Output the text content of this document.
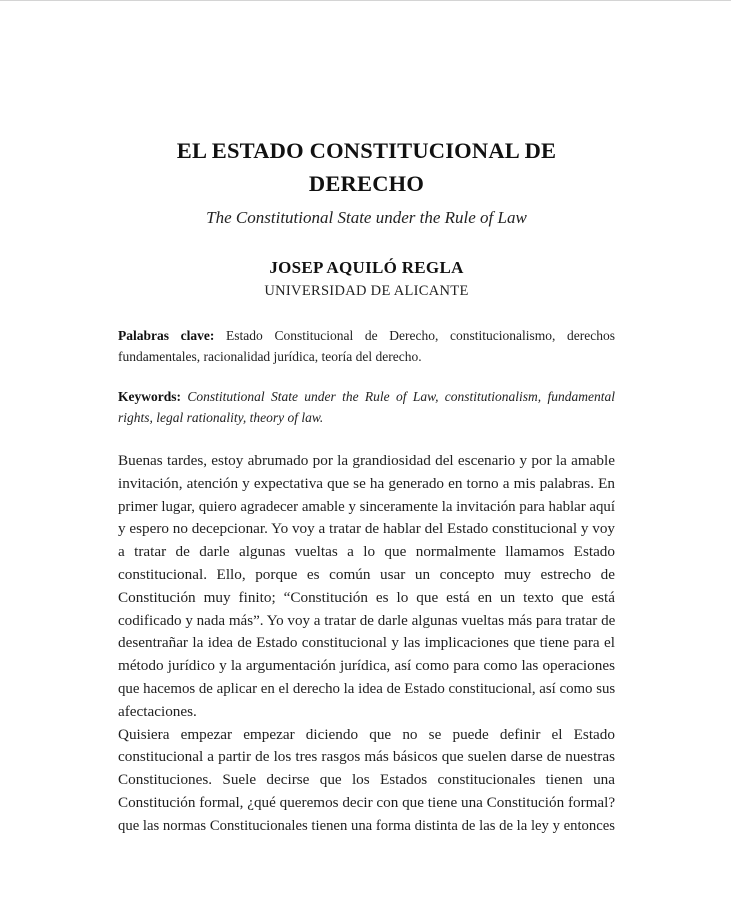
EL ESTADO CONSTITUCIONAL DE
DERECHO
The Constitutional State under the Rule of Law
JOSEP AQUILÓ REGLA
UNIVERSIDAD DE ALICANTE
Palabras clave: Estado Constitucional de Derecho, constitucionalismo, derechos fundamentales, racionalidad jurídica, teoría del derecho.
Keywords: Constitutional State under the Rule of Law, constitutionalism, fundamental rights, legal rationality, theory of law.
Buenas tardes, estoy abrumado por la grandiosidad del escenario y por la amable
invitación, atención y expectativa que se ha generado en torno a mis palabras. En
primer lugar, quiero agradecer amable y sinceramente la invitación para hablar aquí
y espero no decepcionar. Yo voy a tratar de hablar del Estado constitucional y voy
a tratar de darle algunas vueltas a lo que normalmente llamamos Estado
constitucional. Ello, porque es común usar un concepto muy estrecho de
Constitución muy finito; “Constitución es lo que está en un texto que está
codificado y nada más”. Yo voy a tratar de darle algunas vueltas más para tratar de
desentrañar la idea de Estado constitucional y las implicaciones que tiene para el
método jurídico y la argumentación jurídica, así como para como las operaciones
que hacemos de aplicar en el derecho la idea de Estado constitucional, así como sus
afectaciones.
Quisiera empezar empezar diciendo que no se puede definir el Estado
constitucional a partir de los tres rasgos más básicos que suelen darse de nuestras
Constituciones. Suele decirse que los Estados constitucionales tienen una
Constitución formal, ¿qué queremos decir con que tiene una Constitución formal?
que las normas Constitucionales tienen una forma distinta de las de la ley y entonces
